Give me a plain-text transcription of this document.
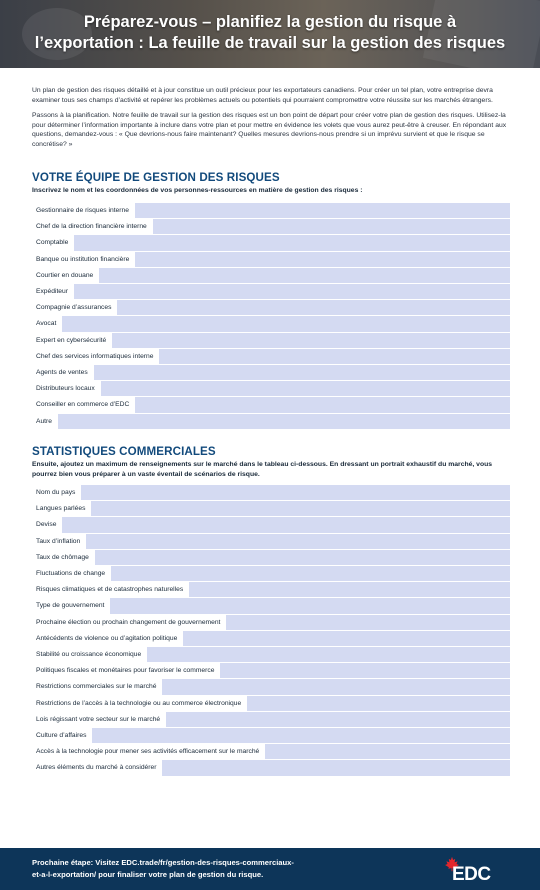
Préparez-vous – planifiez la gestion du risque à
l’exportation : La feuille de travail sur la gestion des risques

Un plan de gestion des risques détaillé et à jour constitue un outil précieux pour les exportateurs canadiens. Pour créer un tel plan, votre entreprise devra examiner tous ses champs d’activité et repérer les problèmes actuels ou potentiels qui pourraient compromettre votre réussite sur les marchés étrangers.

Passons à la planification. Notre feuille de travail sur la gestion des risques est un bon point de départ pour créer votre plan de gestion des risques. Utilisez-la pour déterminer l’information importante à inclure dans votre plan et pour mettre en évidence les volets que vous aurez peut-être à creuser. En répondant aux questions, demandez-vous : « Que devrions-nous faire maintenant? Quelles mesures devrions-nous prendre si un imprévu survient et que le risque se concrétise? »

VOTRE ÉQUIPE DE GESTION DES RISQUES
Inscrivez le nom et les coordonnées de vos personnes-ressources en matière de gestion des risques :
Gestionnaire de risques interne
Chef de la direction financière interne
Comptable
Banque ou institution financière
Courtier en douane
Expéditeur
Compagnie d’assurances
Avocat
Expert en cybersécurité
Chef des services informatiques interne
Agents de ventes
Distributeurs locaux
Conseiller en commerce d’EDC
Autre
STATISTIQUES COMMERCIALES
Ensuite, ajoutez un maximum de renseignements sur le marché dans le tableau ci-dessous. En dressant un portrait exhaustif du marché, vous pourrez bien vous préparer à un vaste éventail de scénarios de risque.
Nom du pays
Langues parlées
Devise
Taux d’inflation
Taux de chômage
Fluctuations de change
Risques climatiques et de catastrophes naturelles
Type de gouvernement
Prochaine élection ou prochain changement de gouvernement
Antécédents de violence ou d’agitation politique
Stabilité ou croissance économique
Politiques fiscales et monétaires pour favoriser le commerce
Restrictions commerciales sur le marché
Restrictions de l’accès à la technologie ou au commerce électronique
Lois régissant votre secteur sur le marché
Culture d’affaires
Accès à la technologie pour mener ses activités efficacement sur le marché
Autres éléments du marché à considérer
Prochaine étape: Visitez EDC.trade/fr/gestion-des-risques-commerciaux-
et-a-l-exportation/ pour finaliser votre plan de gestion du risque.	EDC
